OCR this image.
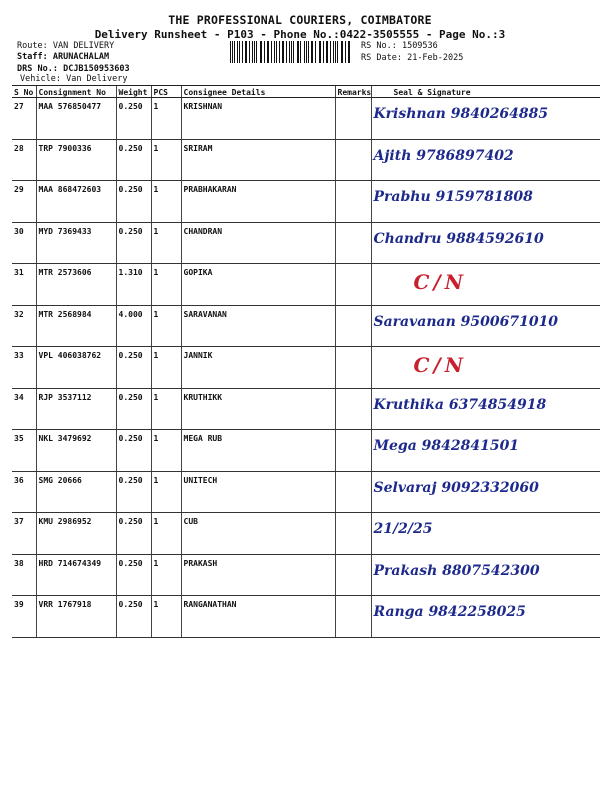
THE PROFESSIONAL COURIERS, COIMBATORE
Delivery Runsheet - P103 - Phone No.:0422-3505555 - Page No.:3
Route: VAN DELIVERY
Staff: ARUNACHALAM
DRS No.: DCJB150953603
Vehicle: Van Delivery
RS No.: 1509536
RS Date: 21-Feb-2025
S No	Consignment No	Weight	PCS	Consignee Details	Remarks	Seal & Signature
27	MAA 576850477	0.250	1	KRISHNAN		Krishnan 9840264885

28	TRP 7900336	0.250	1	SRIRAM		Ajith 9786897402

29	MAA 868472603	0.250	1	PRABHAKARAN		Prabhu 9159781808

30	MYD 7369433	0.250	1	CHANDRAN		Chandru 9884592610

31	MTR 2573606	1.310	1	GOPIKA		C/N

32	MTR 2568984	4.000	1	SARAVANAN		Saravanan 9500671010

33	VPL 406038762	0.250	1	JANNIK		C/N

34	RJP 3537112	0.250	1	KRUTHIKK		Kruthika 6374854918

35	NKL 3479692	0.250	1	MEGA RUB		Mega 9842841501

36	SMG 20666	0.250	1	UNITECH		Selvaraj 9092332060

37	KMU 2986952	0.250	1	CUB		21/2/25

38	HRD 714674349	0.250	1	PRAKASH		Prakash 8807542300

39	VRR 1767918	0.250	1	RANGANATHAN		Ranga 9842258025
